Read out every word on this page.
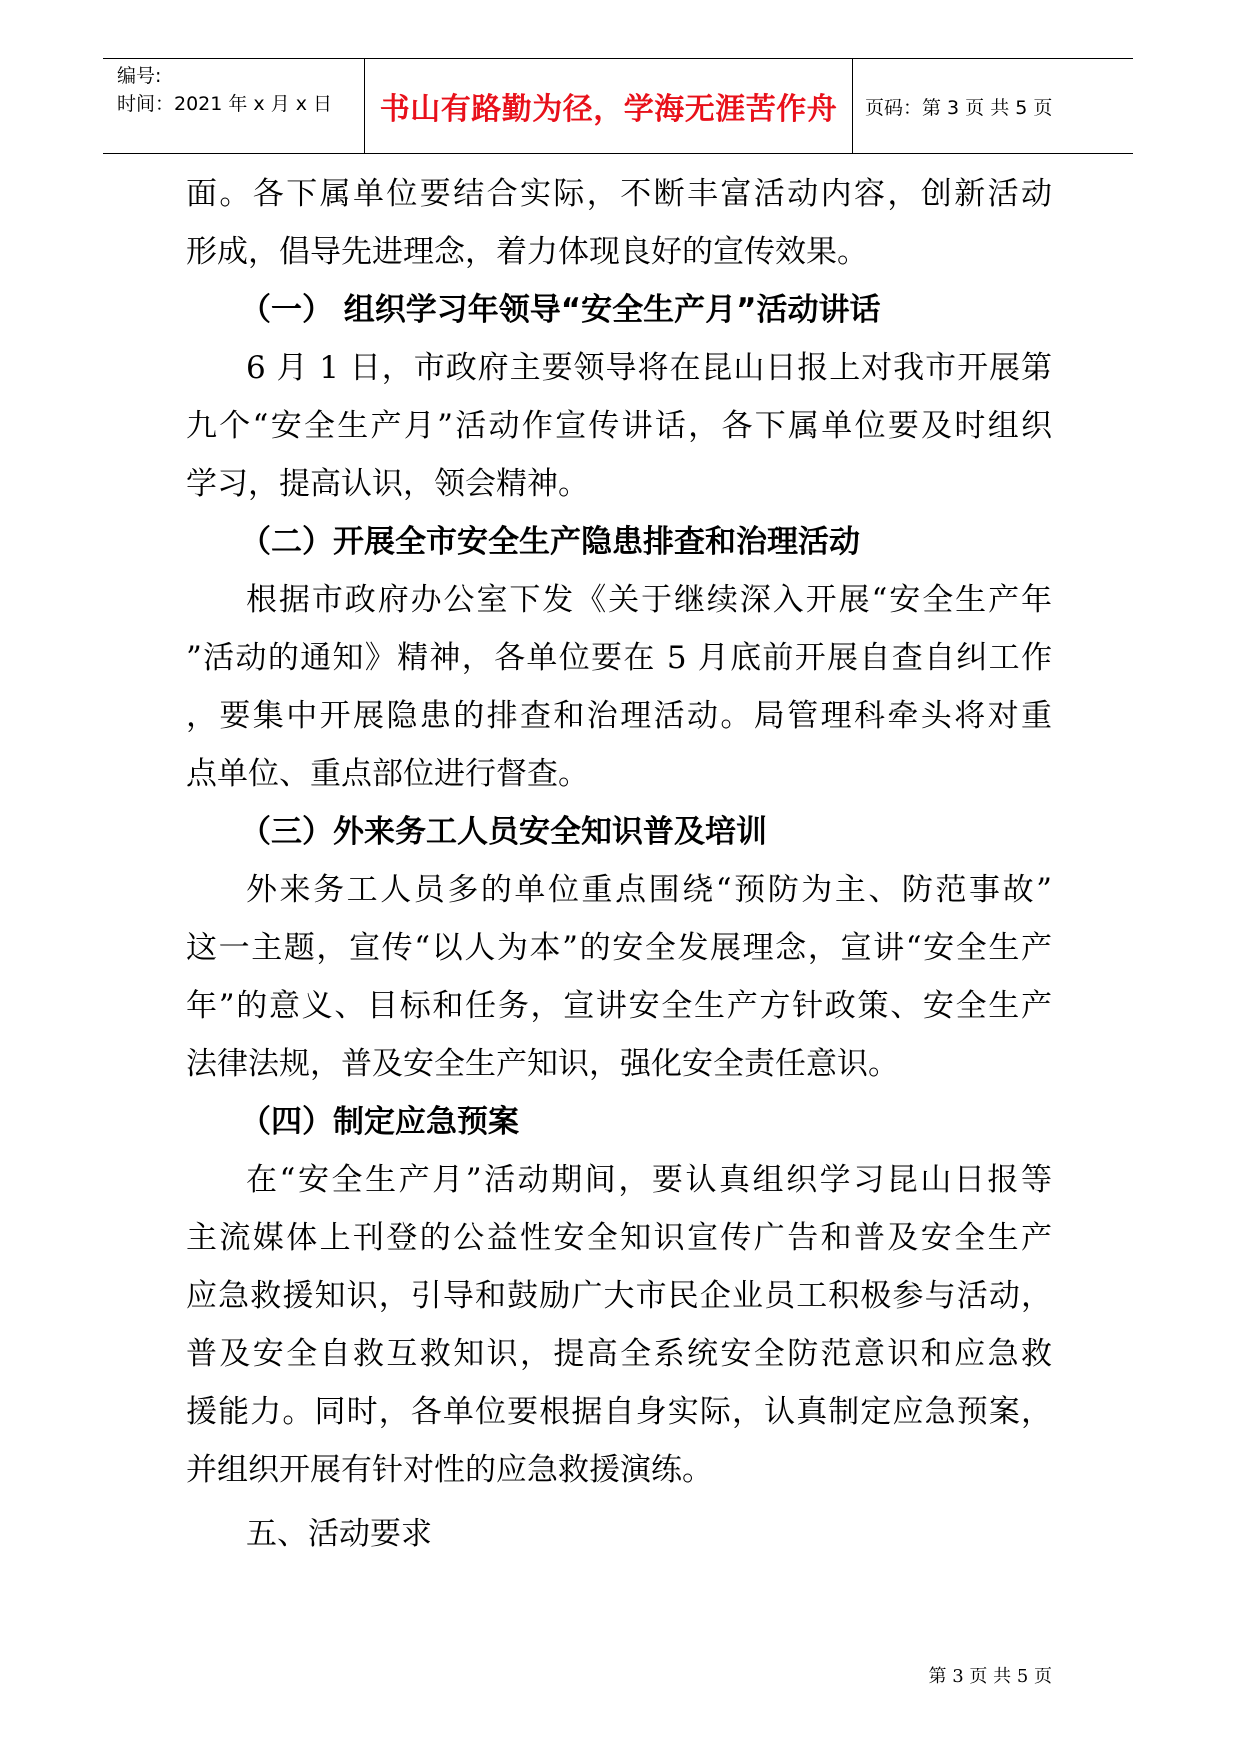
编号:
时间：2021 年 x 月 x 日 书山有路勤为径，学海无涯苦作舟 页码：第 3 页 共 5 页
面。各下属单位要结合实际，不断丰富活动内容，创新活动
形成，倡导先进理念，着力体现良好的宣传效果。
（一） 组织学习年领导“安全生产月”活动讲话
6 月 1 日，市政府主要领导将在昆山日报上对我市开展第
九个“安全生产月”活动作宣传讲话，各下属单位要及时组织
学习，提高认识，领会精神。
（二）开展全市安全生产隐患排查和治理活动
根据市政府办公室下发《关于继续深入开展“安全生产年
”活动的通知》精神，各单位要在 5 月底前开展自查自纠工作
，要集中开展隐患的排查和治理活动。局管理科牵头将对重
点单位、重点部位进行督查。
（三）外来务工人员安全知识普及培训
外来务工人员多的单位重点围绕“预防为主、防范事故”
这一主题，宣传“以人为本”的安全发展理念，宣讲“安全生产
年”的意义、目标和任务，宣讲安全生产方针政策、安全生产
法律法规，普及安全生产知识，强化安全责任意识。
（四）制定应急预案
在“安全生产月”活动期间，要认真组织学习昆山日报等
主流媒体上刊登的公益性安全知识宣传广告和普及安全生产
应急救援知识，引导和鼓励广大市民企业员工积极参与活动，
普及安全自救互救知识，提高全系统安全防范意识和应急救
援能力。同时，各单位要根据自身实际，认真制定应急预案，
并组织开展有针对性的应急救援演练。
五、活动要求
第 3 页 共 5 页
